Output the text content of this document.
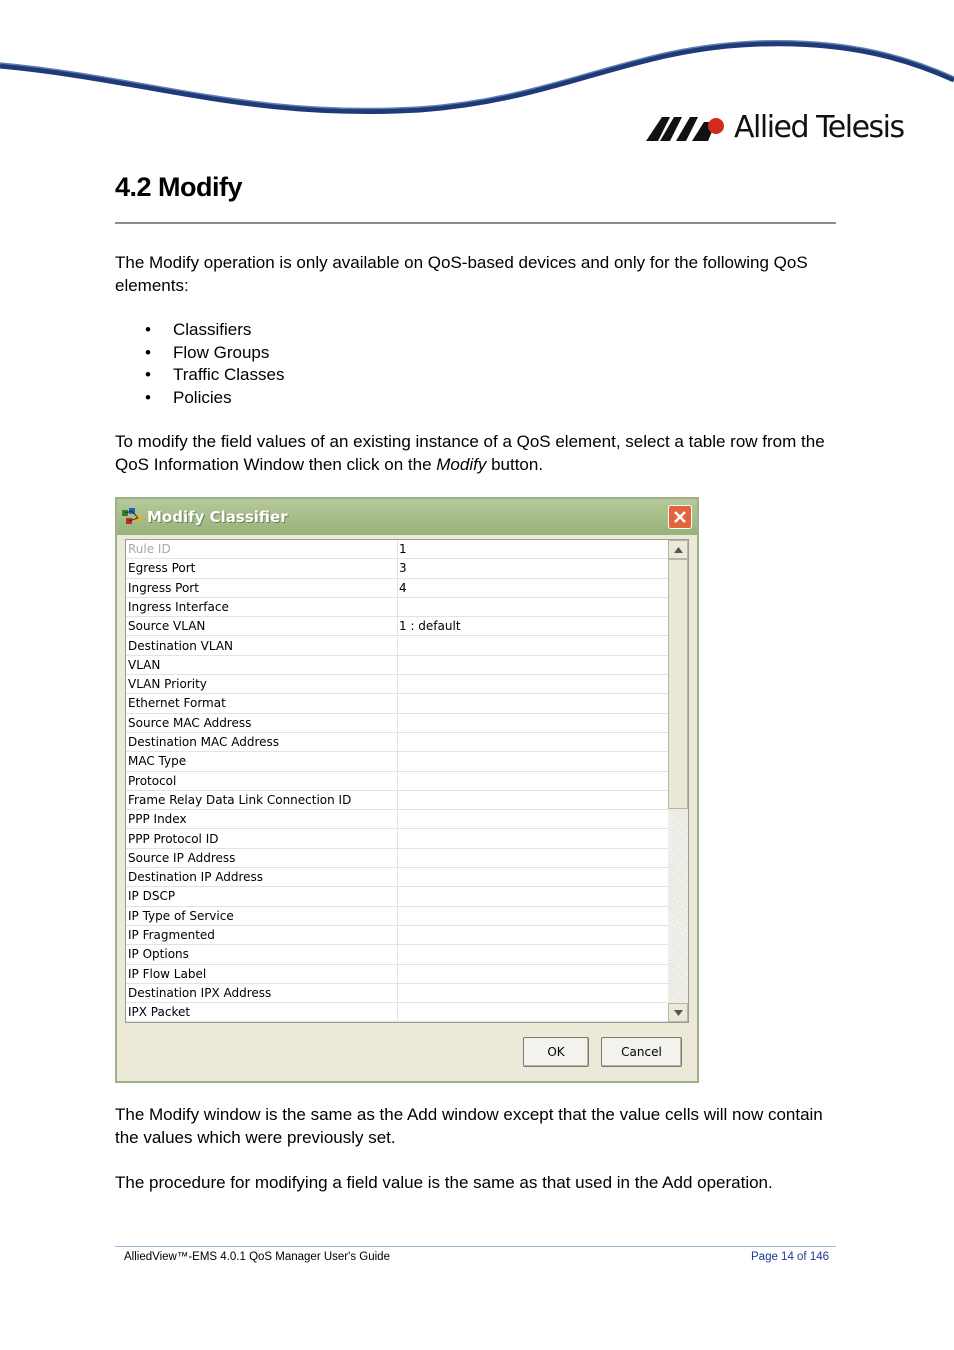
Allied Telesis
4.2 Modify

The Modify operation is only available on QoS-based devices and only for the following QoS elements:

• Classifiers
• Flow Groups
• Traffic Classes
• Policies

To modify the field values of an existing instance of a QoS element, select a table row from the QoS Information Window then click on the Modify button.

Modify Classifier
Rule ID	1
Egress Port	3
Ingress Port	4
Ingress Interface
Source VLAN	1 : default
Destination VLAN
VLAN
VLAN Priority
Ethernet Format
Source MAC Address
Destination MAC Address
MAC Type
Protocol
Frame Relay Data Link Connection ID
PPP Index
PPP Protocol ID
Source IP Address
Destination IP Address
IP DSCP
IP Type of Service
IP Fragmented
IP Options
IP Flow Label
Destination IPX Address
IPX Packet
OK	Cancel

The Modify window is the same as the Add window except that the value cells will now contain the values which were previously set.

The procedure for modifying a field value is the same as that used in the Add operation.

AlliedView™-EMS 4.0.1 QoS Manager User's Guide	Page 14 of 146
